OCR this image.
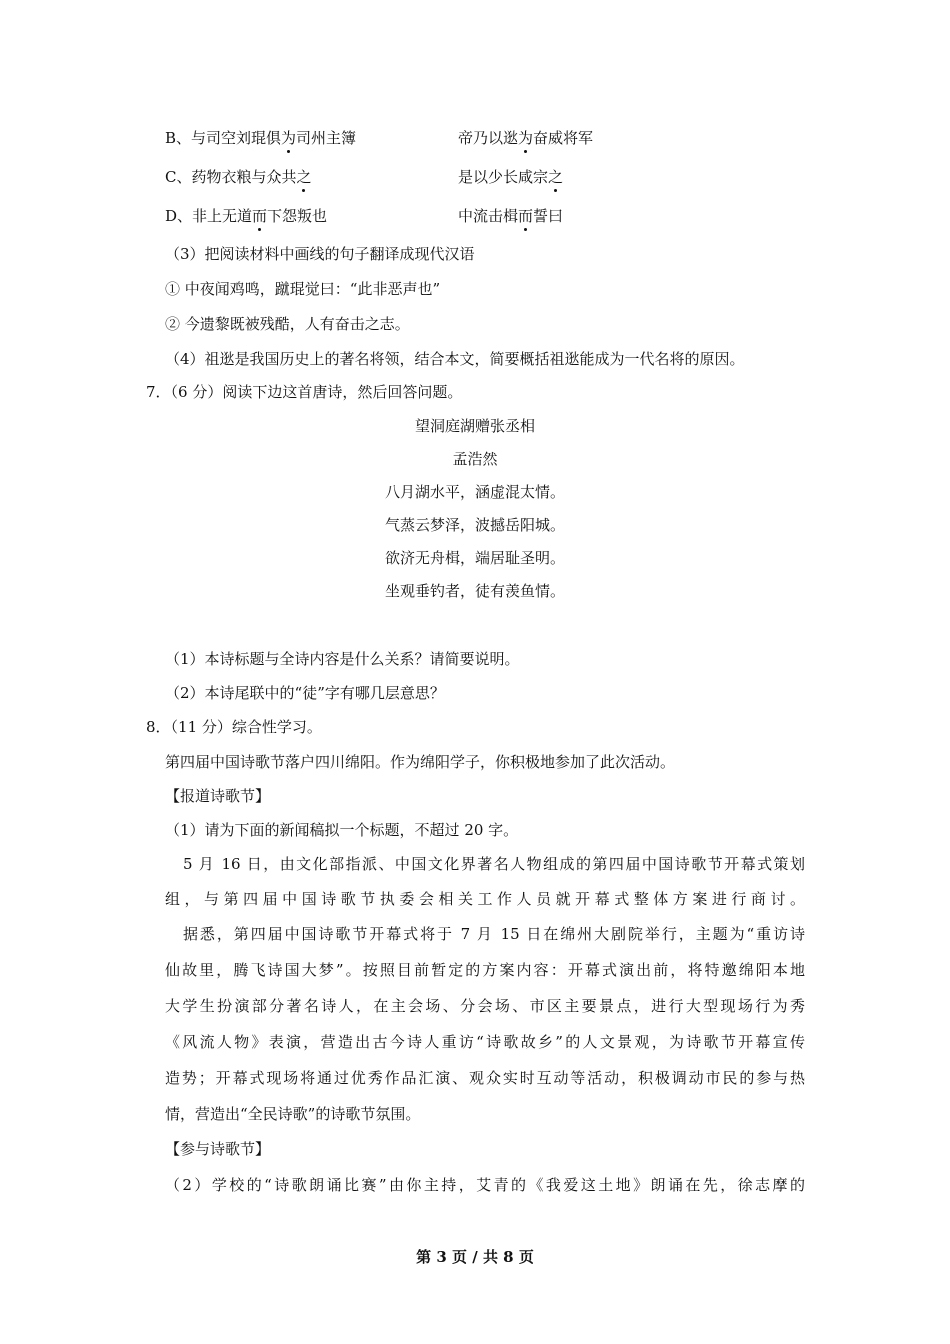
B、与司空刘琨俱为司州主簿	帝乃以逖为奋威将军
C、药物衣粮与众共之	是以少长咸宗之
D、非上无道而下怨叛也	中流击楫而誓曰
（3）把阅读材料中画线的句子翻译成现代汉语
① 中夜闻鸡鸣，蹴琨觉曰：“此非恶声也”
② 今遗黎既被残酷，人有奋击之志。
（4）祖逖是我国历史上的著名将领，结合本文，简要概括祖逖能成为一代名将的原因。
7．（6 分）阅读下边这首唐诗，然后回答问题。
望洞庭湖赠张丞相
孟浩然
八月湖水平，涵虚混太情。
气蒸云梦泽，波撼岳阳城。
欲济无舟楫，端居耻圣明。
坐观垂钓者，徒有羡鱼情。
（1）本诗标题与全诗内容是什么关系？请简要说明。
（2）本诗尾联中的“徒”字有哪几层意思？
8．（11 分）综合性学习。
第四届中国诗歌节落户四川绵阳。作为绵阳学子，你积极地参加了此次活动。
【报道诗歌节】
（1）请为下面的新闻稿拟一个标题，不超过 20 字。
5 月 16 日，由文化部指派、中国文化界著名人物组成的第四届中国诗歌节开幕式策划
组，与第四届中国诗歌节执委会相关工作人员就开幕式整体方案进行商讨。
据悉，第四届中国诗歌节开幕式将于 7 月 15 日在绵州大剧院举行，主题为“重访诗
仙故里，腾飞诗国大梦”。按照目前暂定的方案内容：开幕式演出前，将特邀绵阳本地
大学生扮演部分著名诗人，在主会场、分会场、市区主要景点，进行大型现场行为秀
《风流人物》表演，营造出古今诗人重访“诗歌故乡”的人文景观，为诗歌节开幕宣传
造势；开幕式现场将通过优秀作品汇演、观众实时互动等活动，积极调动市民的参与热
情，营造出“全民诗歌”的诗歌节氛围。
【参与诗歌节】
（2）学校的“诗歌朗诵比赛”由你主持，艾青的《我爱这土地》朗诵在先，徐志摩的
第 3 页 / 共 8 页
